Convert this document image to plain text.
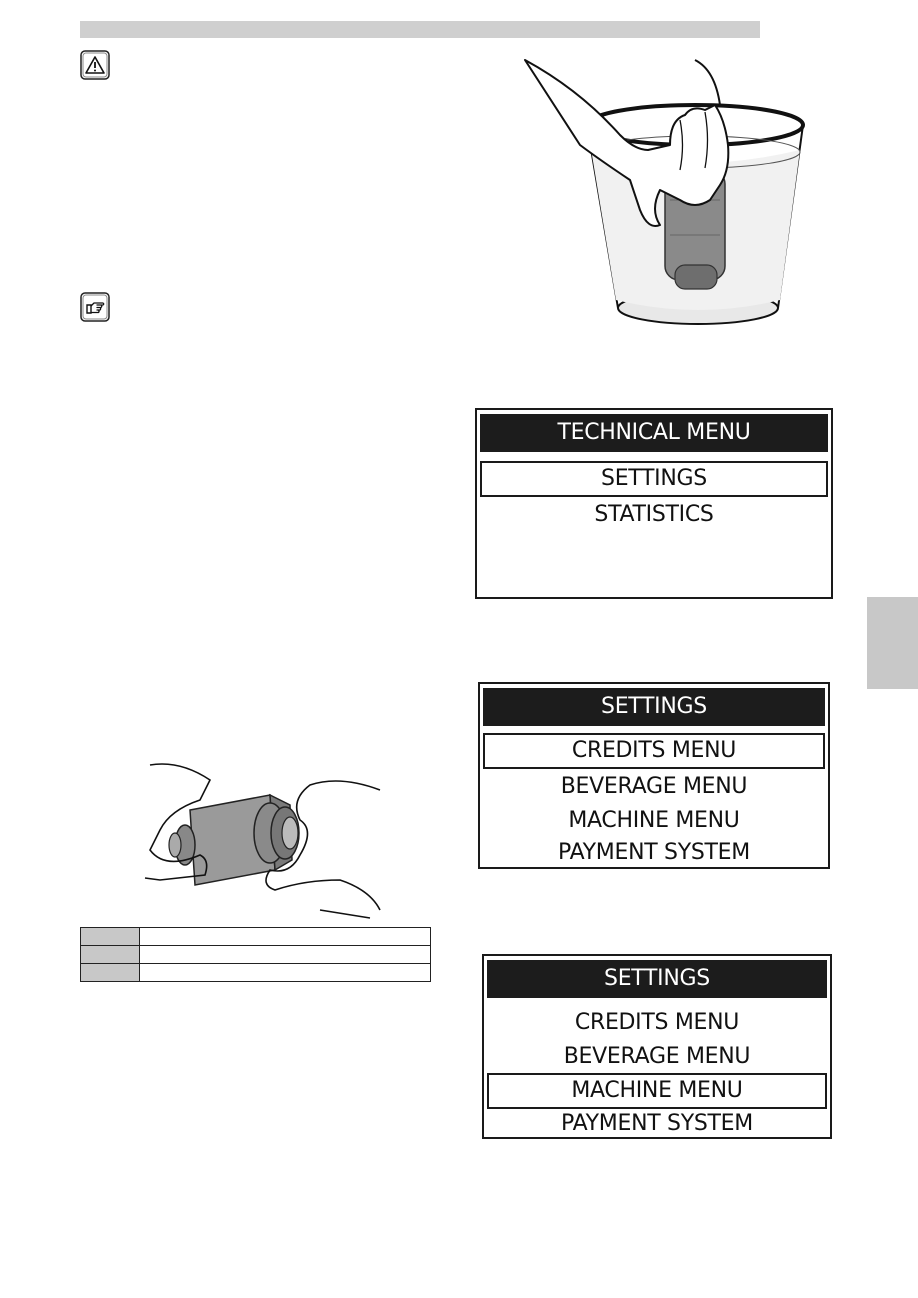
TECHNICAL MENU
SETTINGS
STATISTICS
SETTINGS
CREDITS MENU
BEVERAGE MENU
MACHINE MENU
PAYMENT SYSTEM
SETTINGS
CREDITS MENU
BEVERAGE MENU
MACHINE MENU
PAYMENT SYSTEM
